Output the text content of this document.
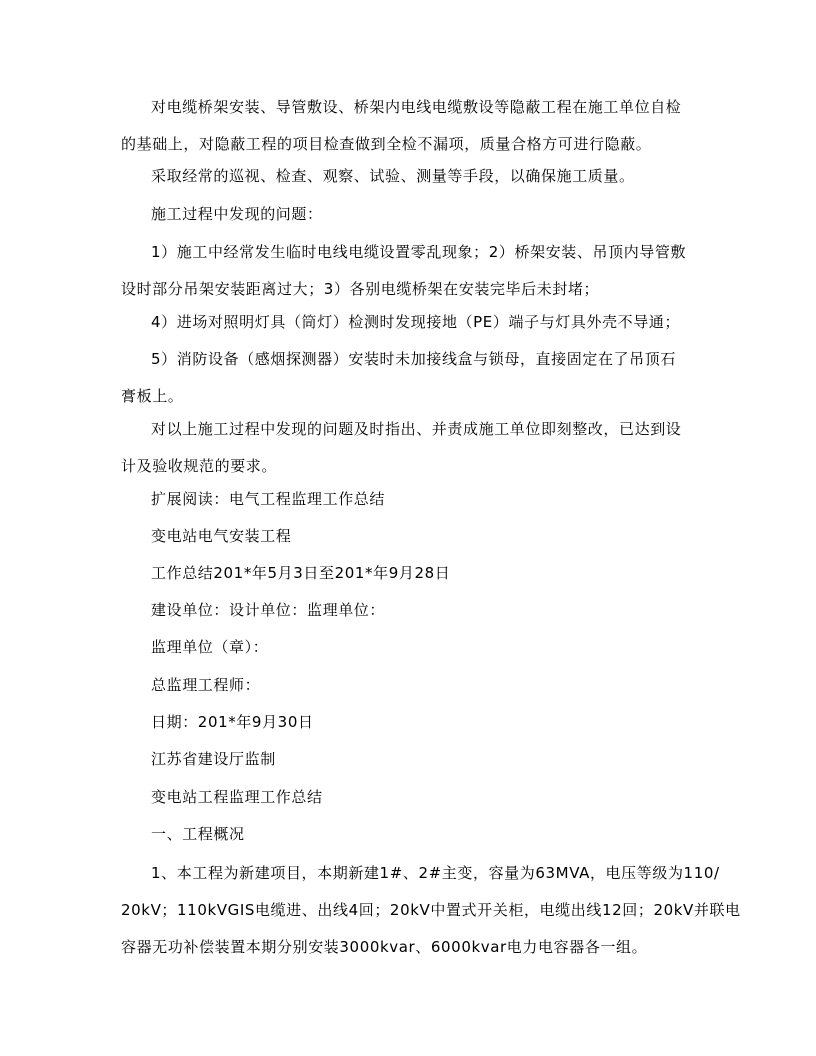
对电缆桥架安装、导管敷设、桥架内电线电缆敷设等隐蔽工程在施工单位自检
的基础上，对隐蔽工程的项目检查做到全检不漏项，质量合格方可进行隐蔽。
采取经常的巡视、检查、观察、试验、测量等手段，以确保施工质量。
施工过程中发现的问题：
1）施工中经常发生临时电线电缆设置零乱现象；2）桥架安装、吊顶内导管敷
设时部分吊架安装距离过大；3）各别电缆桥架在安装完毕后未封堵；
4）进场对照明灯具（筒灯）检测时发现接地（PE）端子与灯具外壳不导通；
5）消防设备（感烟探测器）安装时未加接线盒与锁母，直接固定在了吊顶石
膏板上。
对以上施工过程中发现的问题及时指出、并责成施工单位即刻整改，已达到设
计及验收规范的要求。
扩展阅读：电气工程监理工作总结
变电站电气安装工程
工作总结201*年5月3日至201*年9月28日
建设单位：设计单位：监理单位：
监理单位（章）：
总监理工程师：
日期：201*年9月30日
江苏省建设厅监制
变电站工程监理工作总结
一、工程概况
1、本工程为新建项目，本期新建1#、2#主变，容量为63MVA，电压等级为110/
20kV；110kVGIS电缆进、出线4回；20kV中置式开关柜，电缆出线12回；20kV并联电
容器无功补偿装置本期分别安装3000kvar、6000kvar电力电容器各一组。
